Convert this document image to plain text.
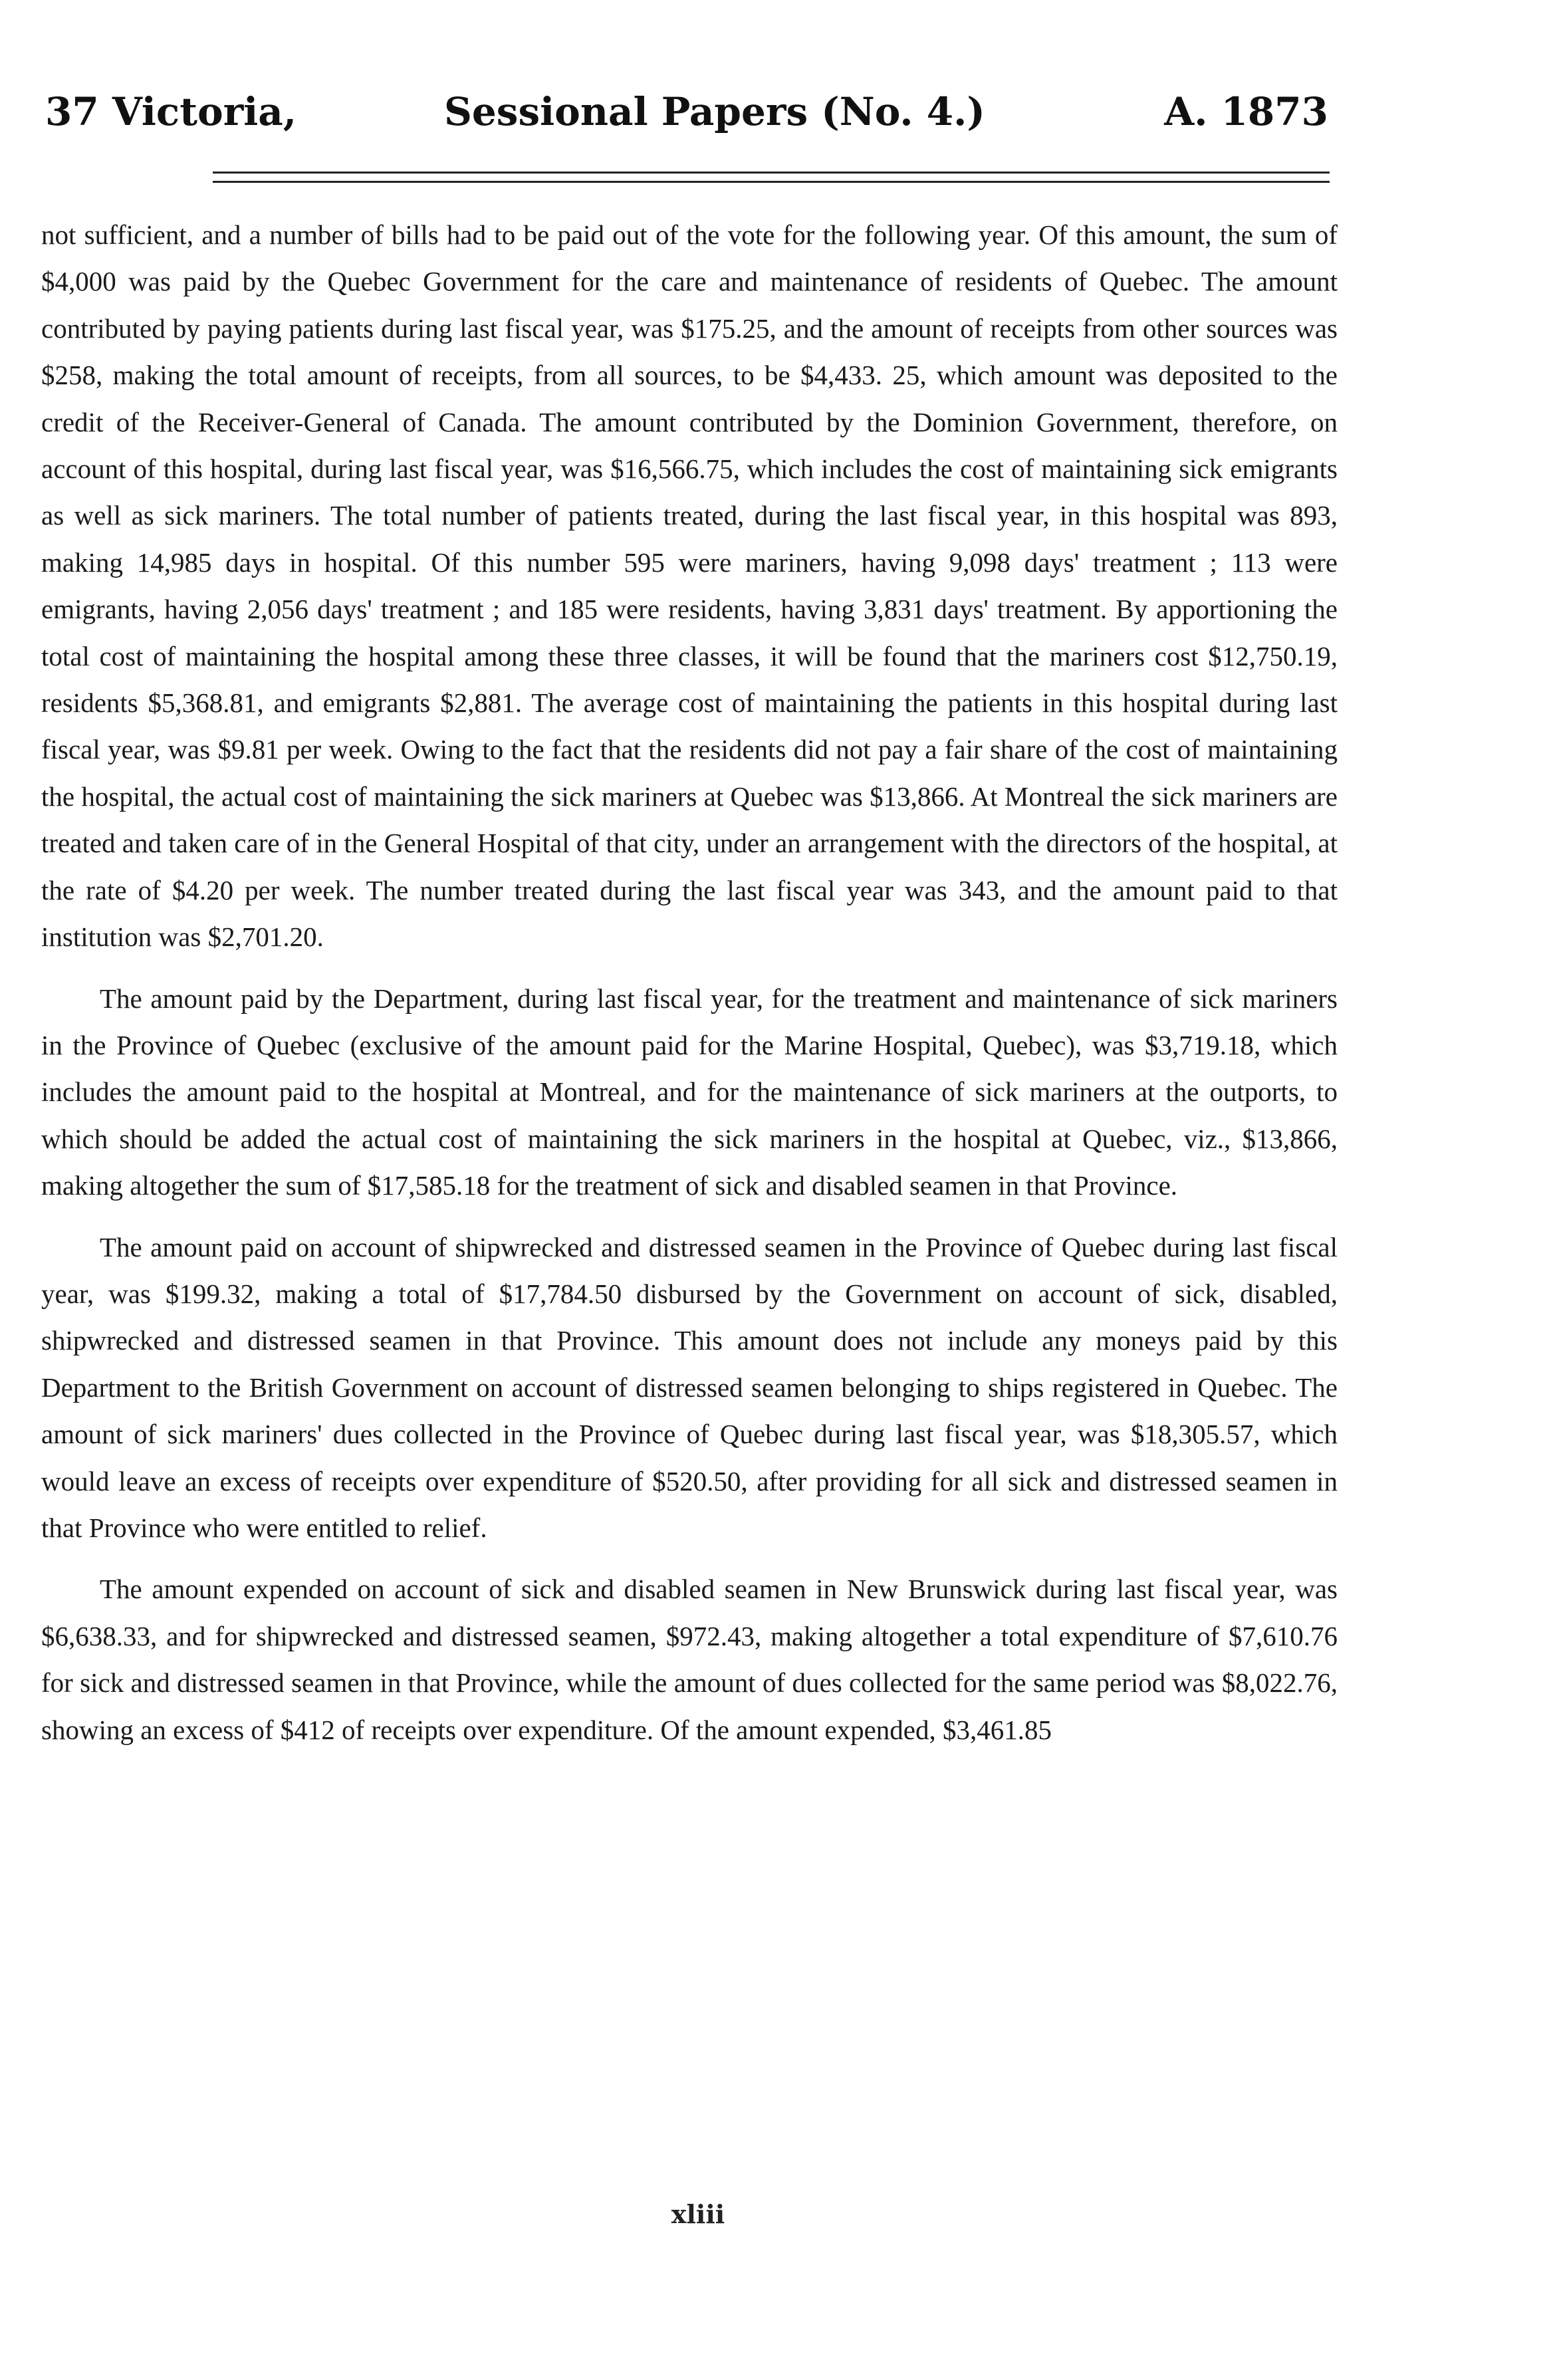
37 Victoria,	Sessional Papers (No. 4.)	A. 1873

not sufficient, and a number of bills had to be paid out of the vote for the following year. Of this amount, the sum of $4,000 was paid by the Quebec Government for the care and maintenance of residents of Quebec. The amount contributed by paying patients during last fiscal year, was $175.25, and the amount of receipts from other sources was $258, making the total amount of receipts, from all sources, to be $4,433. 25, which amount was deposited to the credit of the Receiver-General of Canada. The amount contributed by the Dominion Government, therefore, on account of this hospital, during last fiscal year, was $16,566.75, which includes the cost of maintaining sick emigrants as well as sick mariners. The total number of patients treated, during the last fiscal year, in this hospital was 893, making 14,985 days in hospital. Of this number 595 were mariners, having 9,098 days' treatment ; 113 were emigrants, having 2,056 days' treatment ; and 185 were residents, having 3,831 days' treatment. By apportioning the total cost of maintaining the hospital among these three classes, it will be found that the mariners cost $12,750.19, residents $5,368.81, and emigrants $2,881. The average cost of maintaining the patients in this hospital during last fiscal year, was $9.81 per week. Owing to the fact that the residents did not pay a fair share of the cost of maintaining the hospital, the actual cost of maintaining the sick mariners at Quebec was $13,866. At Montreal the sick mariners are treated and taken care of in the General Hospital of that city, under an arrangement with the directors of the hospital, at the rate of $4.20 per week. The number treated during the last fiscal year was 343, and the amount paid to that institution was $2,701.20.

The amount paid by the Department, during last fiscal year, for the treatment and maintenance of sick mariners in the Province of Quebec (exclusive of the amount paid for the Marine Hospital, Quebec), was $3,719.18, which includes the amount paid to the hospital at Montreal, and for the maintenance of sick mariners at the outports, to which should be added the actual cost of maintaining the sick mariners in the hospital at Quebec, viz., $13,866, making altogether the sum of $17,585.18 for the treatment of sick and disabled seamen in that Province.

The amount paid on account of shipwrecked and distressed seamen in the Province of Quebec during last fiscal year, was $199.32, making a total of $17,784.50 disbursed by the Government on account of sick, disabled, shipwrecked and distressed seamen in that Province. This amount does not include any moneys paid by this Department to the British Government on account of distressed seamen belonging to ships registered in Quebec. The amount of sick mariners' dues collected in the Province of Quebec during last fiscal year, was $18,305.57, which would leave an excess of receipts over expenditure of $520.50, after providing for all sick and distressed seamen in that Province who were entitled to relief.

The amount expended on account of sick and disabled seamen in New Brunswick during last fiscal year, was $6,638.33, and for shipwrecked and distressed seamen, $972.43, making altogether a total expenditure of $7,610.76 for sick and distressed seamen in that Province, while the amount of dues collected for the same period was $8,022.76, showing an excess of $412 of receipts over expenditure. Of the amount expended, $3,461.85

xliii
